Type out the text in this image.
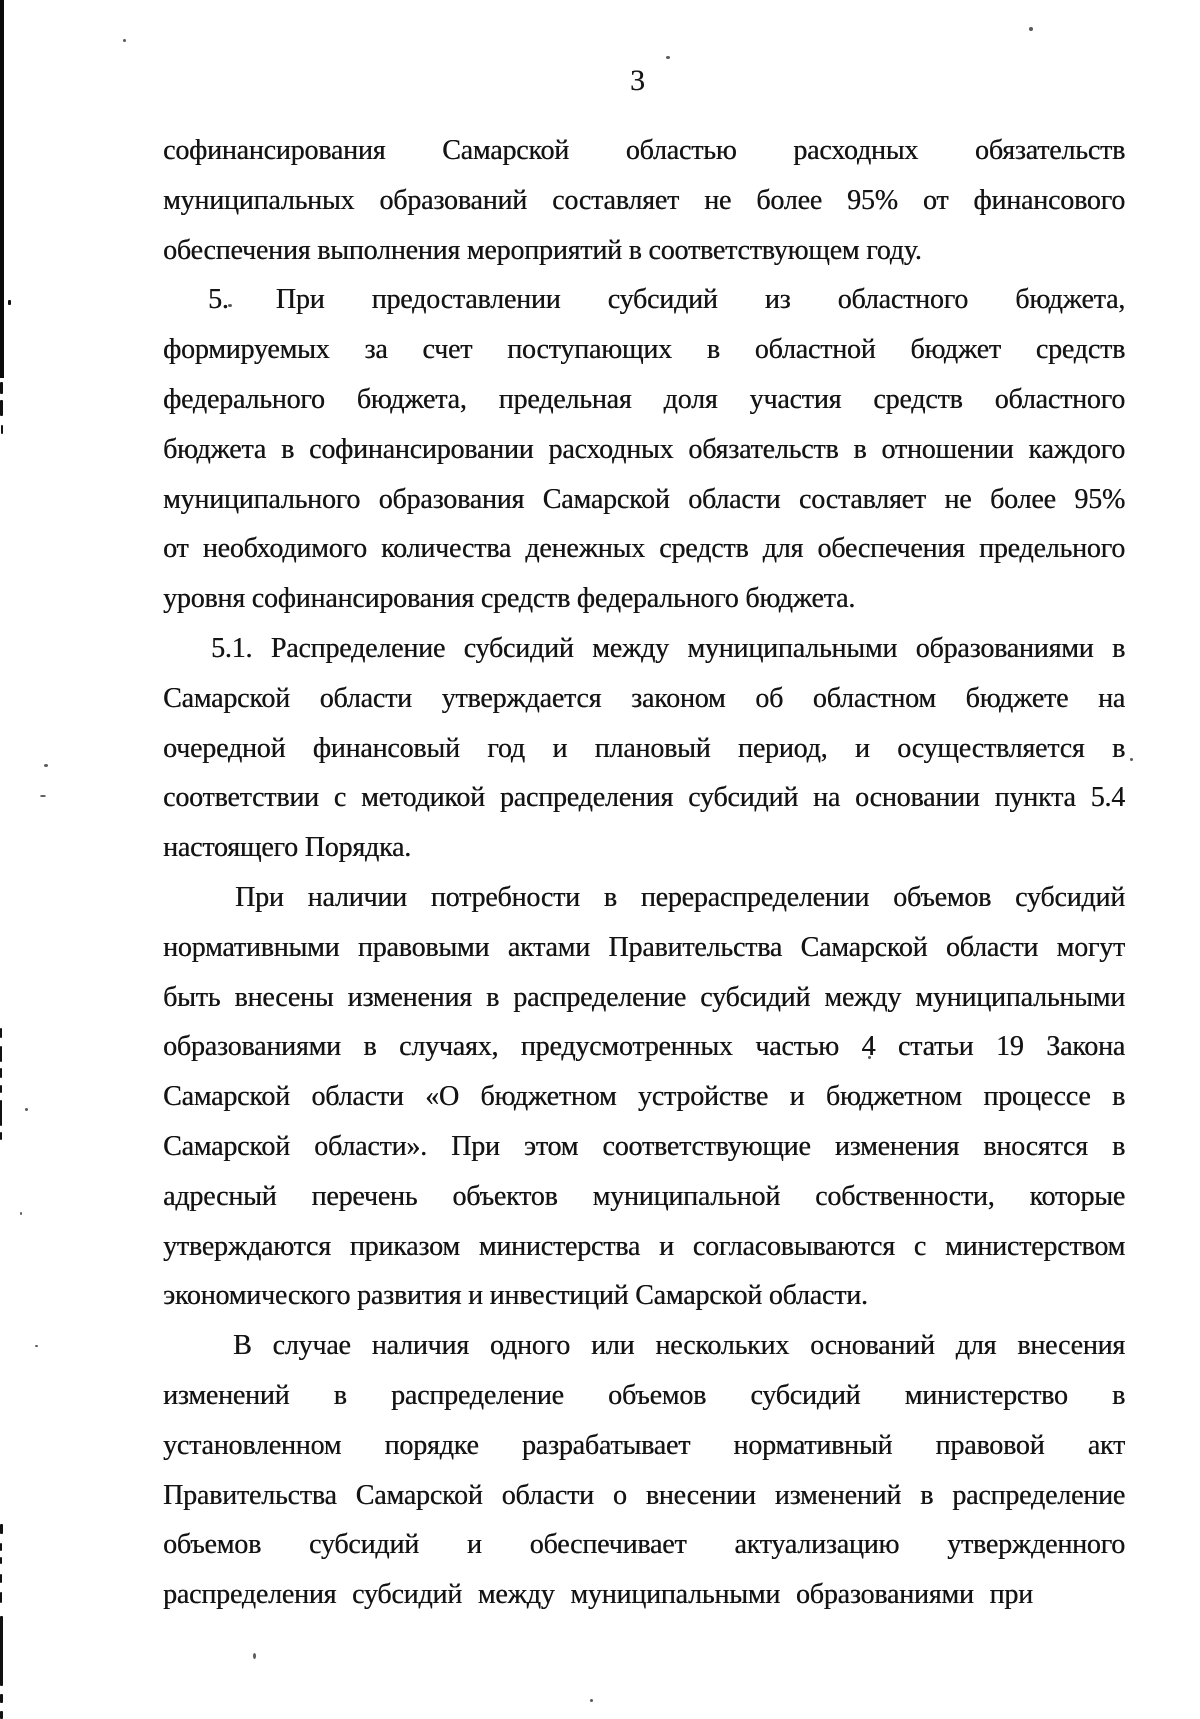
3
софинансирования Самарской областью расходных обязательств
муниципальных образований составляет не более 95% от финансового
обеспечения выполнения мероприятий в соответствующем году.
5. При предоставлении субсидий из областного бюджета,
формируемых за счет поступающих в областной бюджет средств
федерального бюджета, предельная доля участия средств областного
бюджета в софинансировании расходных обязательств в отношении каждого
муниципального образования Самарской области составляет не более 95%
от необходимого количества денежных средств для обеспечения предельного
уровня софинансирования средств федерального бюджета.
5.1. Распределение субсидий между муниципальными образованиями в
Самарской области утверждается законом об областном бюджете на
очередной финансовый год и плановый период, и осуществляется в
соответствии с методикой распределения субсидий на основании пункта 5.4
настоящего Порядка.
При наличии потребности в перераспределении объемов субсидий
нормативными правовыми актами Правительства Самарской области могут
быть внесены изменения в распределение субсидий между муниципальными
образованиями в случаях, предусмотренных частью 4 статьи 19 Закона
Самарской области «О бюджетном устройстве и бюджетном процессе в
Самарской области». При этом соответствующие изменения вносятся в
адресный перечень объектов муниципальной собственности, которые
утверждаются приказом министерства и согласовываются с министерством
экономического развития и инвестиций Самарской области.
В случае наличия одного или нескольких оснований для внесения
изменений в распределение объемов субсидий министерство в
установленном порядке разрабатывает нормативный правовой акт
Правительства Самарской области о внесении изменений в распределение
объемов субсидий и обеспечивает актуализацию утвержденного
распределения субсидий между муниципальными образованиями при
